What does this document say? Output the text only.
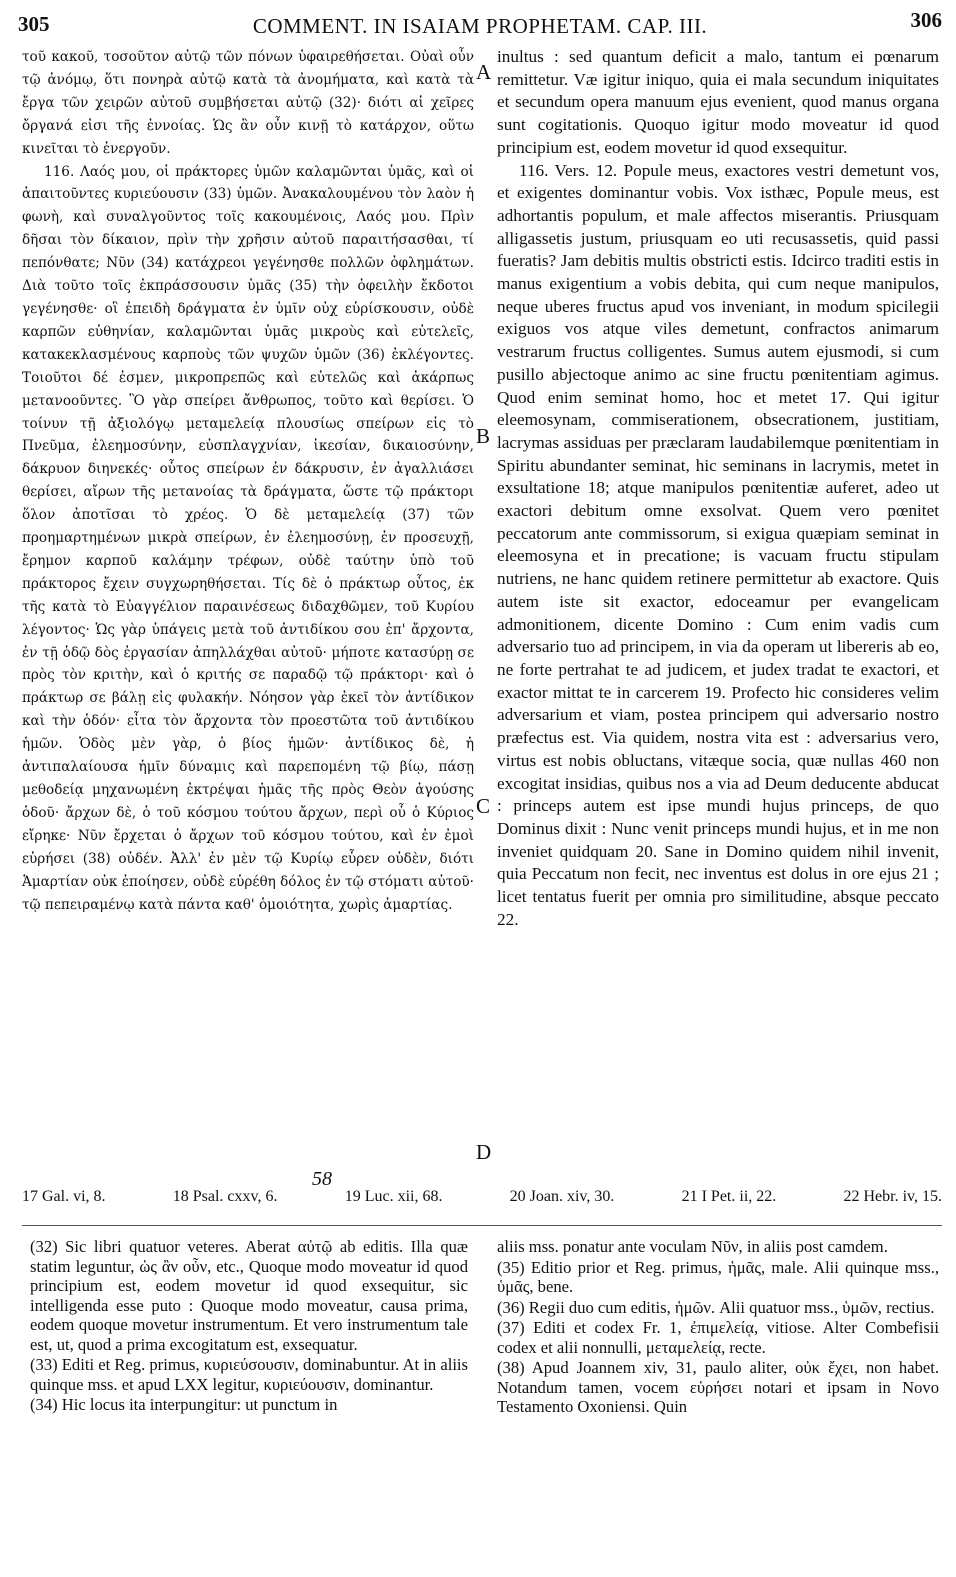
305	COMMENT. IN ISAIAM PROPHETAM. CAP. III.	306

τοῦ κακοῦ, τοσοῦτον αὐτῷ τῶν πόνων ὑφαιρεθήσεται. Οὐαὶ οὖν τῷ ἀνόμῳ, ὅτι πονηρὰ αὐτῷ κατὰ τὰ ἀνομήματα, καὶ κατὰ τὰ ἔργα τῶν χειρῶν αὐτοῦ συμβήσεται αὐτῷ (32)· διότι αἱ χεῖρες ὄργανά εἰσι τῆς ἐννοίας. Ὡς ἂν οὖν κινῇ τὸ κατάρχον, οὕτω κινεῖται τὸ ἐνεργοῦν.

116. Λαός μου, οἱ πράκτορες ὑμῶν καλαμῶνται ὑμᾶς, καὶ οἱ ἀπαιτοῦντες κυριεύουσιν (33) ὑμῶν. Ἀνακαλουμένου τὸν λαὸν ἡ φωνὴ, καὶ συναλγοῦντος τοῖς κακουμένοις, Λαός μου. Πρὶν δῆσαι τὸν δίκαιον, πρὶν τὴν χρῆσιν αὐτοῦ παραιτήσασθαι, τί πεπόνθατε; Νῦν (34) κατάχρεοι γεγένησθε πολλῶν ὀφλημάτων. Διὰ τοῦτο τοῖς ἐκπράσσουσιν ὑμᾶς (35) τὴν ὀφειλὴν ἔκδοτοι γεγένησθε· οἳ ἐπειδὴ δράγματα ἐν ὑμῖν οὐχ εὑρίσκουσιν, οὐδὲ καρπῶν εὐθηνίαν, καλαμῶνται ὑμᾶς μικροὺς καὶ εὐτελεῖς, κατακεκλασμένους καρποὺς τῶν ψυχῶν ὑμῶν (36) ἐκλέγοντες. Τοιοῦτοι δέ ἐσμεν, μικροπρεπῶς καὶ εὐτελῶς καὶ ἀκάρπως μετανοοῦντες. Ὃ γὰρ σπείρει ἄνθρωπος, τοῦτο καὶ θερίσει. Ὁ τοίνυν τῇ ἀξιολόγῳ μεταμελείᾳ πλουσίως σπείρων εἰς τὸ Πνεῦμα, ἐλεημοσύνην, εὐσπλαγχνίαν, ἱκεσίαν, δικαιοσύνην, δάκρυον διηνεκές· οὗτος σπείρων ἐν δάκρυσιν, ἐν ἀγαλλιάσει θερίσει, αἴρων τῆς μετανοίας τὰ δράγματα, ὥστε τῷ πράκτορι ὅλον ἀποτῖσαι τὸ χρέος. Ὁ δὲ μεταμελείᾳ (37) τῶν προημαρτημένων μικρὰ σπείρων, ἐν ἐλεημοσύνῃ, ἐν προσευχῇ, ἔρημον καρποῦ καλάμην τρέφων, οὐδὲ ταύτην ὑπὸ τοῦ πράκτορος ἔχειν συγχωρηθήσεται. Τίς δὲ ὁ πράκτωρ οὗτος, ἐκ τῆς κατὰ τὸ Εὐαγγέλιον παραινέσεως διδαχθῶμεν, τοῦ Κυρίου λέγοντος· Ὡς γὰρ ὑπάγεις μετὰ τοῦ ἀντιδίκου σου ἐπ' ἄρχοντα, ἐν τῇ ὁδῷ δὸς ἐργασίαν ἀπηλλάχθαι αὐτοῦ· μήποτε κατασύρῃ σε πρὸς τὸν κριτὴν, καὶ ὁ κριτής σε παραδῷ τῷ πράκτορι· καὶ ὁ πράκτωρ σε βάλῃ εἰς φυλακήν. Νόησον γὰρ ἐκεῖ τὸν ἀντίδικον καὶ τὴν ὁδόν· εἶτα τὸν ἄρχοντα τὸν προεστῶτα τοῦ ἀντιδίκου ἡμῶν. Ὁδὸς μὲν γὰρ, ὁ βίος ἡμῶν· ἀντίδικος δὲ, ἡ ἀντιπαλαίουσα ἡμῖν δύναμις καὶ παρεπομένη τῷ βίῳ, πάσῃ μεθοδείᾳ μηχανωμένη ἐκτρέψαι ἡμᾶς τῆς πρὸς Θεὸν ἀγούσης ὁδοῦ· ἄρχων δὲ, ὁ τοῦ κόσμου τούτου ἄρχων, περὶ οὗ ὁ Κύριος εἴρηκε· Νῦν ἔρχεται ὁ ἄρχων τοῦ κόσμου τούτου, καὶ ἐν ἐμοὶ εὑρήσει (38) οὐδέν. Ἀλλ' ἐν μὲν τῷ Κυρίῳ εὗρεν οὐδὲν, διότι Ἁμαρτίαν οὐκ ἐποίησεν, οὐδὲ εὑρέθη δόλος ἐν τῷ στόματι αὐτοῦ· τῷ πεπειραμένῳ κατὰ πάντα καθ' ὁμοιότητα, χωρὶς ἁμαρτίας.

A
B
C
D

inultus : sed quantum deficit a malo, tantum ei pœnarum remittetur. Væ igitur iniquo, quia ei mala secundum iniquitates et secundum opera manuum ejus evenient, quod manus organa sunt cogitationis. Quoquo igitur modo moveatur id quod principium est, eodem movetur id quod exsequitur.

116. Vers. 12. Popule meus, exactores vestri demetunt vos, et exigentes dominantur vobis. Vox isthæc, Popule meus, est adhortantis populum, et male affectos miserantis. Priusquam alligassetis justum, priusquam eo uti recusassetis, quid passi fueratis? Jam debitis multis obstricti estis. Idcirco traditi estis in manus exigentium a vobis debita, qui cum neque manipulos, neque uberes fructus apud vos inveniant, in modum spicilegii exiguos vos atque viles demetunt, confractos animarum vestrarum fructus colligentes. Sumus autem ejusmodi, si cum pusillo abjectoque animo ac sine fructu pœnitentiam agimus. Quod enim seminat homo, hoc et metet 17. Qui igitur eleemosynam, commiserationem, obsecrationem, justitiam, lacrymas assiduas per præclaram laudabilemque pœnitentiam in Spiritu abundanter seminat, hic seminans in lacrymis, metet in exsultatione 18; atque manipulos pœnitentiæ auferet, adeo ut exactori debitum omne exsolvat. Quem vero pœnitet peccatorum ante commissorum, si exigua quæpiam seminat in eleemosyna et in precatione; is vacuam fructu stipulam nutriens, ne hanc quidem retinere permittetur ab exactore. Quis autem iste sit exactor, edoceamur per evangelicam admonitionem, dicente Domino : Cum enim vadis cum adversario tuo ad principem, in via da operam ut libereris ab eo, ne forte pertrahat te ad judicem, et judex tradat te exactori, et exactor mittat te in carcerem 19. Profecto hic consideres velim adversarium et viam, postea principem qui adversario nostro præfectus est. Via quidem, nostra vita est : adversarius vero, virtus est nobis obluctans, vitæque socia, quæ nullas 460 non excogitat insidias, quibus nos a via ad Deum deducente abducat : princeps autem est ipse mundi hujus princeps, de quo Dominus dixit : Nunc venit princeps mundi hujus, et in me non inveniet quidquam 20. Sane in Domino quidem nihil invenit, quia Peccatum non fecit, nec inventus est dolus in ore ejus 21 ; licet tentatus fuerit per omnia pro similitudine, absque peccato 22.

58
17 Gal. vi, 8.	18 Psal. cxxv, 6.	19 Luc. xii, 68.	20 Joan. xiv, 30.	21 I Pet. ii, 22.	22 Hebr. iv, 15.

(32) Sic libri quatuor veteres. Aberat αὐτῷ ab editis. Illa quæ statim leguntur, ὡς ἂν οὖν, etc., Quoque modo moveatur id quod principium est, eodem movetur id quod exsequitur, sic intelligenda esse puto : Quoque modo moveatur, causa prima, eodem quoque movetur instrumentum. Et vero instrumentum tale est, ut, quod a prima excogitatum est, exsequatur.

(33) Editi et Reg. primus, κυριεύσουσιν, dominabuntur. At in aliis quinque mss. et apud LXX legitur, κυριεύουσιν, dominantur.

(34) Hic locus ita interpungitur: ut punctum in

aliis mss. ponatur ante voculam Νῦν, in aliis post camdem.

(35) Editio prior et Reg. primus, ἡμᾶς, male. Alii quinque mss., ὑμᾶς, bene.

(36) Regii duo cum editis, ἡμῶν. Alii quatuor mss., ὑμῶν, rectius.

(37) Editi et codex Fr. 1, ἐπιμελείᾳ, vitiose. Alter Combefisii codex et alii nonnulli, μεταμελείᾳ, recte.

(38) Apud Joannem xiv, 31, paulo aliter, οὐκ ἔχει, non habet. Notandum tamen, vocem εὑρήσει notari et ipsam in Novo Testamento Oxoniensi. Quin
